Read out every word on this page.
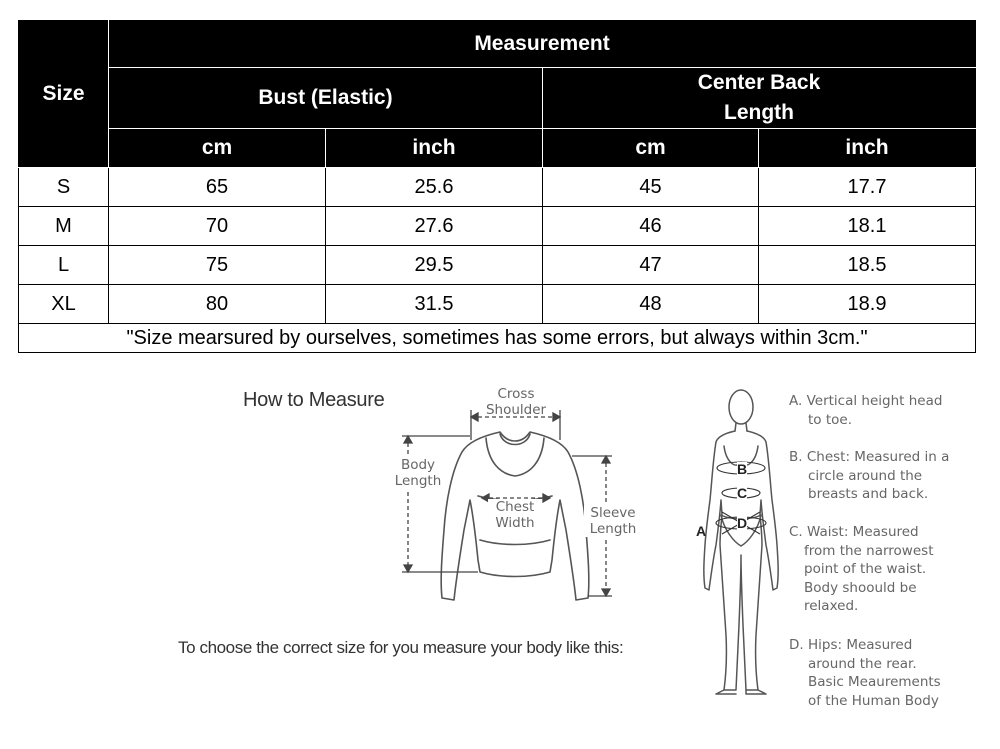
Size	Measurement			
	Bust (Elastic)		Center Back Length	
	cm	inch	cm	inch
S	65	25.6	45	17.7
M	70	27.6	46	18.1
L	75	29.5	47	18.5
XL	80	31.5	48	18.9
"Size mearsured by ourselves, sometimes has some errors, but always within 3cm."				
How to Measure	Cross
Shoulder
Body
Length
Chest
Width
Sleeve
Length
To choose the correct size for you measure your body like this:
A
B
C
D
A. Vertical height head
to toe.
B. Chest: Measured in a
circle around the
breasts and back.
C. Waist: Measured
from the narrowest
point of the waist.
Body shoould be
relaxed.
D. Hips: Measured
around the rear.
Basic Meaurements
of the Human Body
